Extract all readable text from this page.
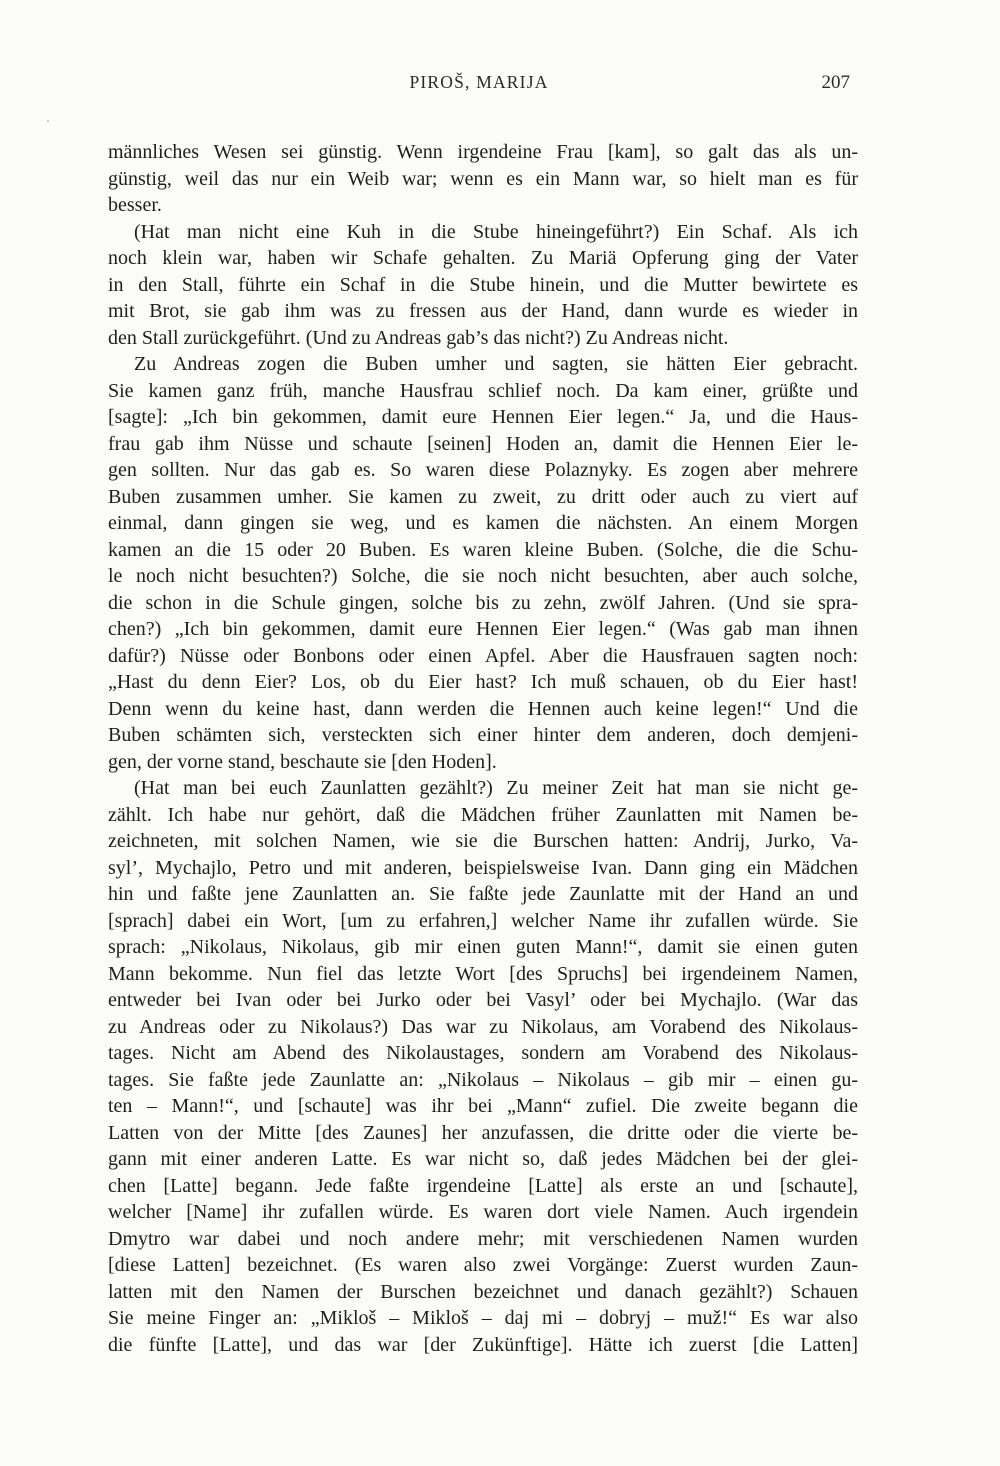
PIROŠ, MARIJA	207
männliches Wesen sei günstig. Wenn irgendeine Frau [kam], so galt das als un-
günstig, weil das nur ein Weib war; wenn es ein Mann war, so hielt man es für
besser.
(Hat man nicht eine Kuh in die Stube hineingeführt?) Ein Schaf. Als ich
noch klein war, haben wir Schafe gehalten. Zu Mariä Opferung ging der Vater
in den Stall, führte ein Schaf in die Stube hinein, und die Mutter bewirtete es
mit Brot, sie gab ihm was zu fressen aus der Hand, dann wurde es wieder in
den Stall zurückgeführt. (Und zu Andreas gab’s das nicht?) Zu Andreas nicht.
Zu Andreas zogen die Buben umher und sagten, sie hätten Eier gebracht.
Sie kamen ganz früh, manche Hausfrau schlief noch. Da kam einer, grüßte und
[sagte]: „Ich bin gekommen, damit eure Hennen Eier legen.“ Ja, und die Haus-
frau gab ihm Nüsse und schaute [seinen] Hoden an, damit die Hennen Eier le-
gen sollten. Nur das gab es. So waren diese Polaznyky. Es zogen aber mehrere
Buben zusammen umher. Sie kamen zu zweit, zu dritt oder auch zu viert auf
einmal, dann gingen sie weg, und es kamen die nächsten. An einem Morgen
kamen an die 15 oder 20 Buben. Es waren kleine Buben. (Solche, die die Schu-
le noch nicht besuchten?) Solche, die sie noch nicht besuchten, aber auch solche,
die schon in die Schule gingen, solche bis zu zehn, zwölf Jahren. (Und sie spra-
chen?) „Ich bin gekommen, damit eure Hennen Eier legen.“ (Was gab man ihnen
dafür?) Nüsse oder Bonbons oder einen Apfel. Aber die Hausfrauen sagten noch:
„Hast du denn Eier? Los, ob du Eier hast? Ich muß schauen, ob du Eier hast!
Denn wenn du keine hast, dann werden die Hennen auch keine legen!“ Und die
Buben schämten sich, versteckten sich einer hinter dem anderen, doch demjeni-
gen, der vorne stand, beschaute sie [den Hoden].
(Hat man bei euch Zaunlatten gezählt?) Zu meiner Zeit hat man sie nicht ge-
zählt. Ich habe nur gehört, daß die Mädchen früher Zaunlatten mit Namen be-
zeichneten, mit solchen Namen, wie sie die Burschen hatten: Andrij, Jurko, Va-
syl’, Mychajlo, Petro und mit anderen, beispielsweise Ivan. Dann ging ein Mädchen
hin und faßte jene Zaunlatten an. Sie faßte jede Zaunlatte mit der Hand an und
[sprach] dabei ein Wort, [um zu erfahren,] welcher Name ihr zufallen würde. Sie
sprach: „Nikolaus, Nikolaus, gib mir einen guten Mann!“, damit sie einen guten
Mann bekomme. Nun fiel das letzte Wort [des Spruchs] bei irgendeinem Namen,
entweder bei Ivan oder bei Jurko oder bei Vasyl’ oder bei Mychajlo. (War das
zu Andreas oder zu Nikolaus?) Das war zu Nikolaus, am Vorabend des Nikolaus-
tages. Nicht am Abend des Nikolaustages, sondern am Vorabend des Nikolaus-
tages. Sie faßte jede Zaunlatte an: „Nikolaus – Nikolaus – gib mir – einen gu-
ten – Mann!“, und [schaute] was ihr bei „Mann“ zufiel. Die zweite begann die
Latten von der Mitte [des Zaunes] her anzufassen, die dritte oder die vierte be-
gann mit einer anderen Latte. Es war nicht so, daß jedes Mädchen bei der glei-
chen [Latte] begann. Jede faßte irgendeine [Latte] als erste an und [schaute],
welcher [Name] ihr zufallen würde. Es waren dort viele Namen. Auch irgendein
Dmytro war dabei und noch andere mehr; mit verschiedenen Namen wurden
[diese Latten] bezeichnet. (Es waren also zwei Vorgänge: Zuerst wurden Zaun-
latten mit den Namen der Burschen bezeichnet und danach gezählt?) Schauen
Sie meine Finger an: „Mikloš – Mikloš – daj mi – dobryj – muž!“ Es war also
die fünfte [Latte], und das war [der Zukünftige]. Hätte ich zuerst [die Latten]
